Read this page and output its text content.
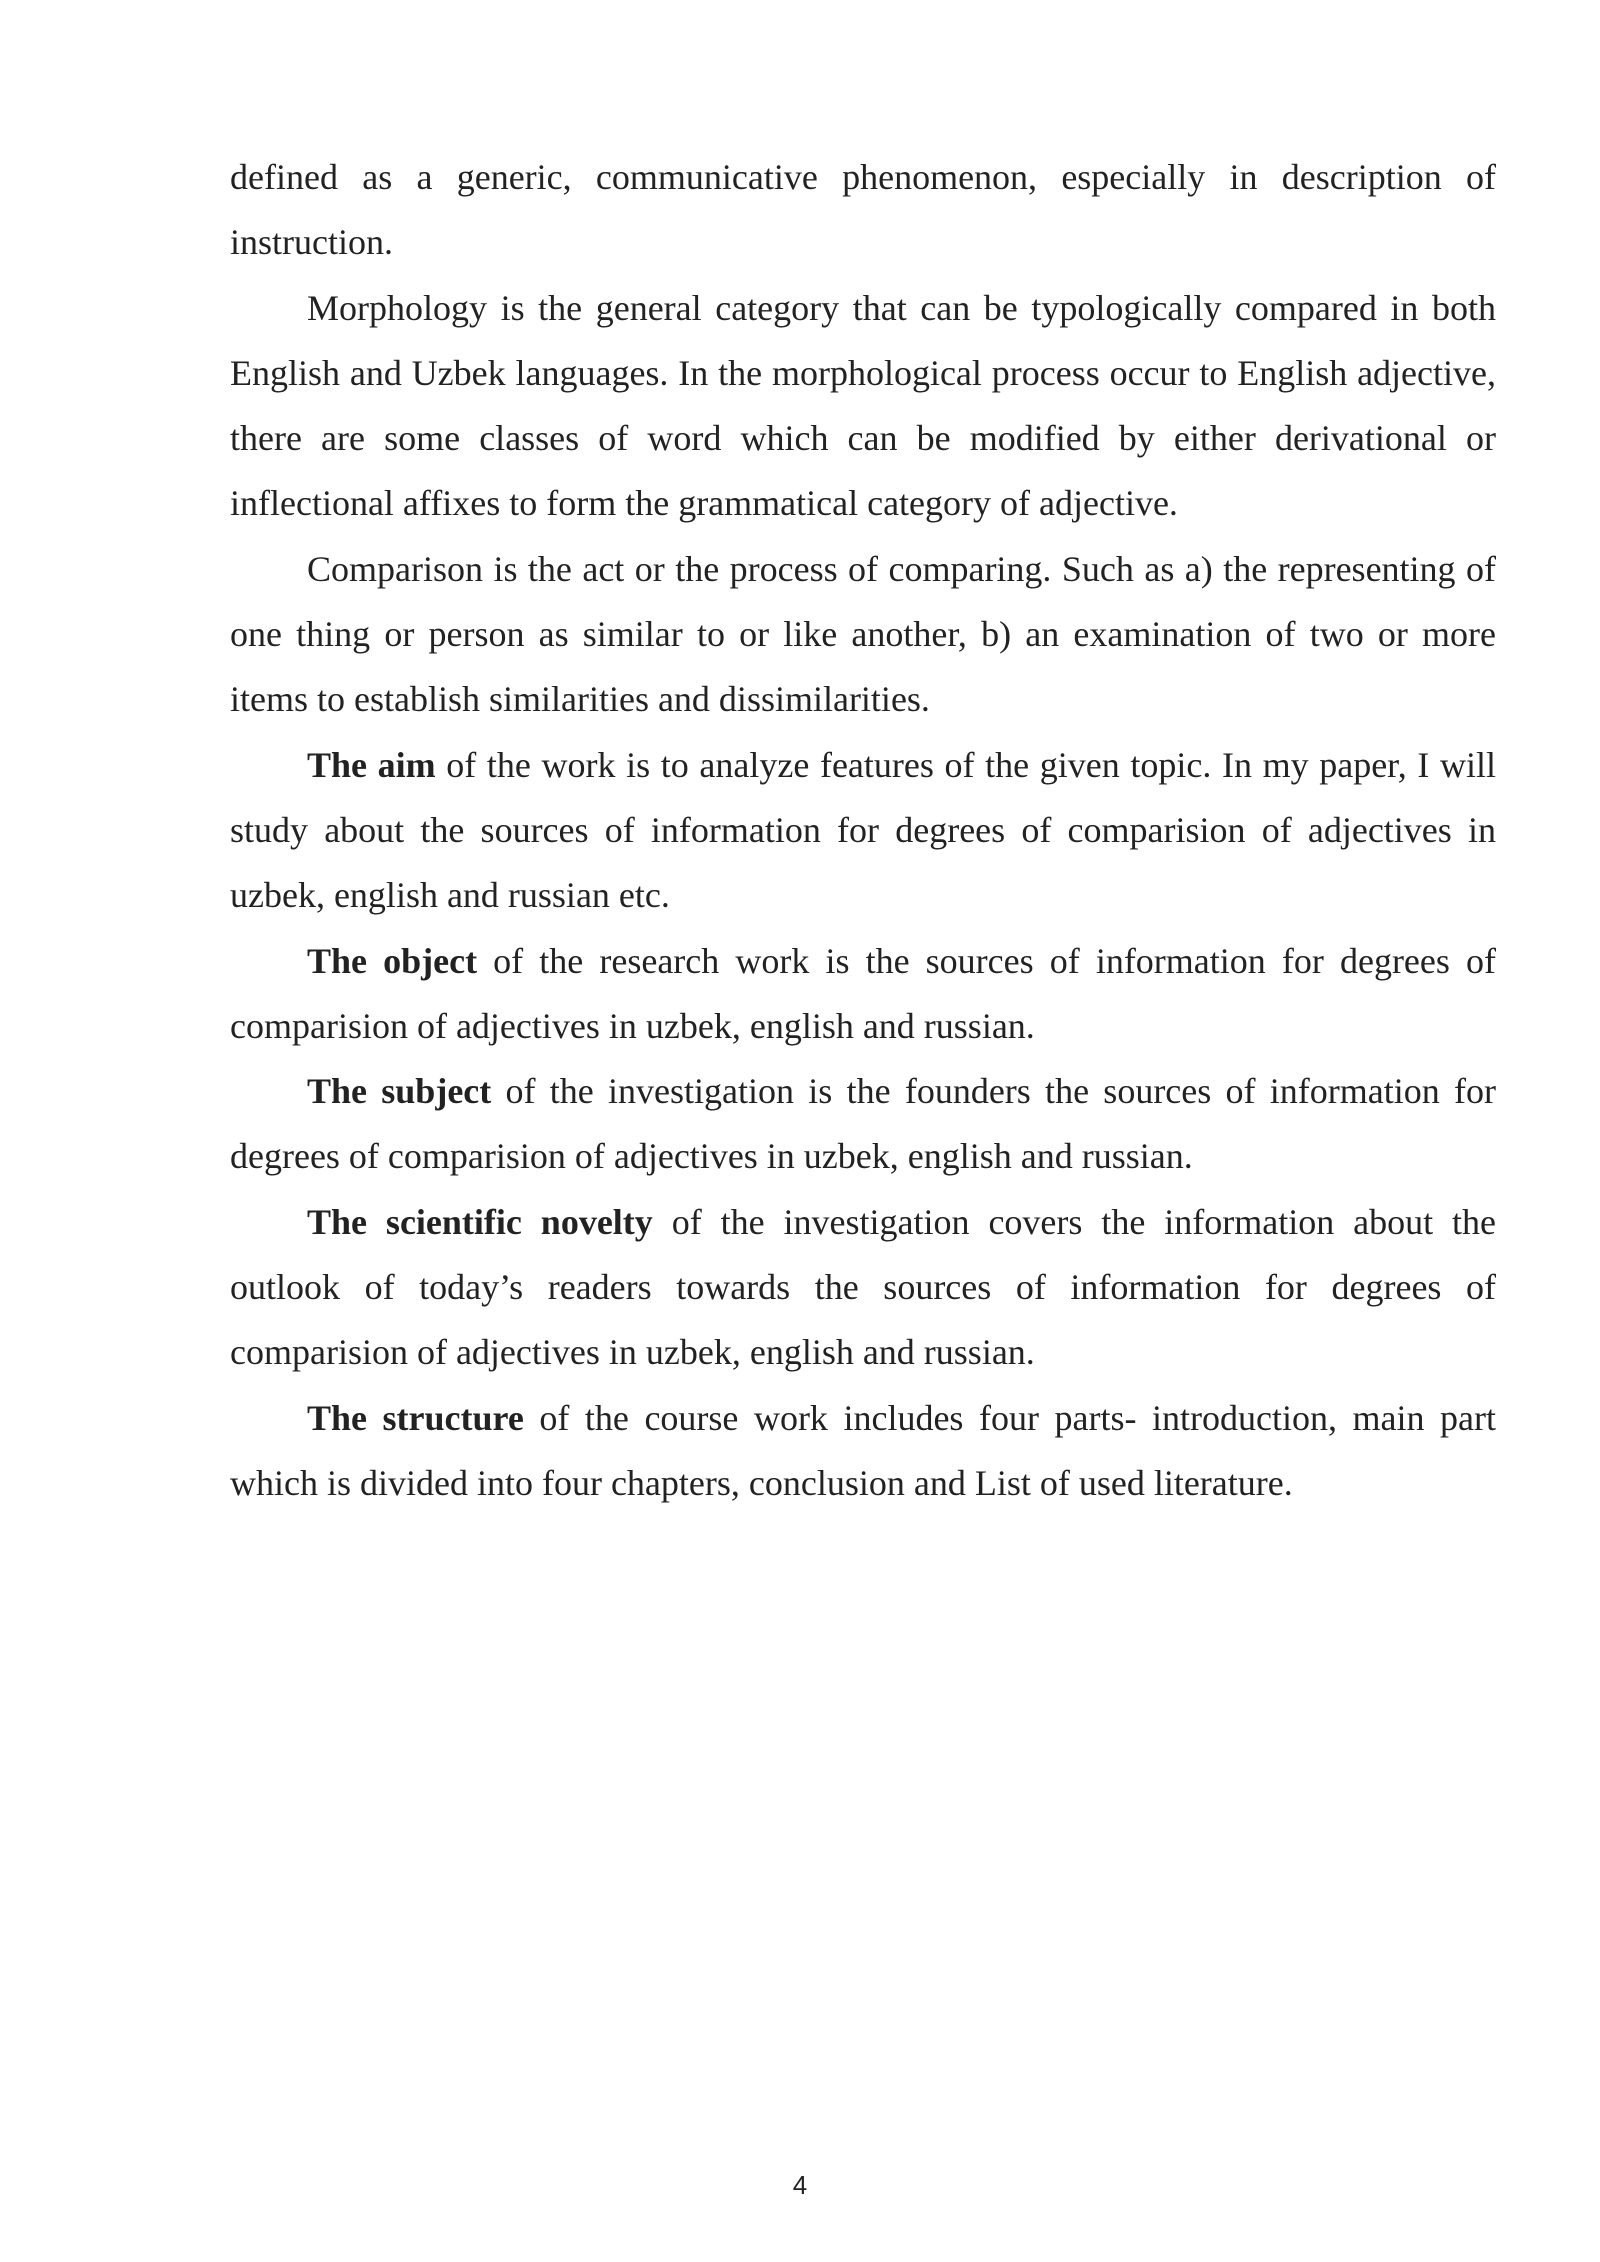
defined as a generic, communicative phenomenon, especially in description of instruction.

Morphology is the general category that can be typologically compared in both English and Uzbek languages. In the morphological process occur to English adjective, there are some classes of word which can be modified by either derivational or inflectional affixes to form the grammatical category of adjective.

Comparison is the act or the process of comparing. Such as a) the representing of one thing or person as similar to or like another, b) an examination of two or more items to establish similarities and dissimilarities.

The aim of the work is to analyze features of the given topic. In my paper, I will study about the sources of information for degrees of comparision of adjectives in uzbek, english and russian etc.

The object of the research work is the sources of information for degrees of comparision of adjectives in uzbek, english and russian.

The subject of the investigation is the founders the sources of information for degrees of comparision of adjectives in uzbek, english and russian.

The scientific novelty of the investigation covers the information about the outlook of today’s readers towards the sources of information for degrees of comparision of adjectives in uzbek, english and russian.

The structure of the course work includes four parts- introduction, main part which is divided into four chapters, conclusion and List of used literature.

4
